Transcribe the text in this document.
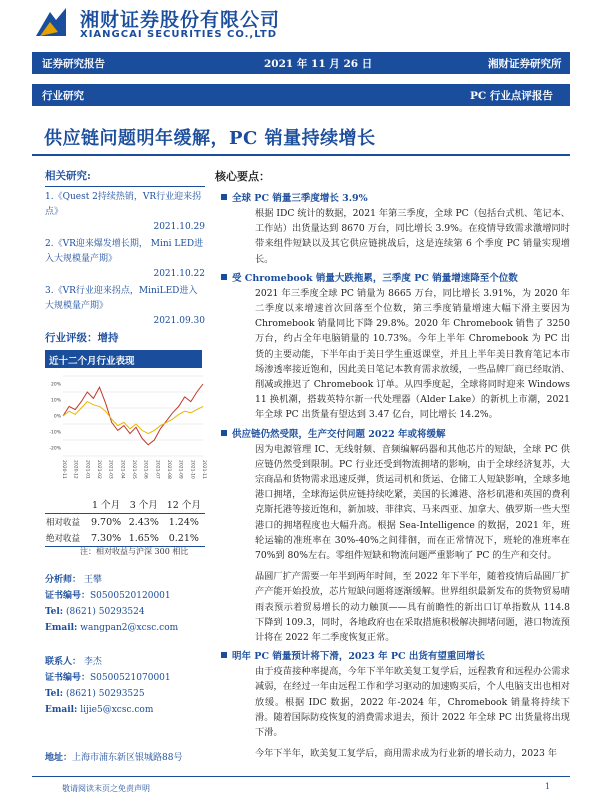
湘财证券股份有限公司
XIANGCAI SECURITIES CO.,LTD
证券研究报告	2021 年 11 月 26 日	湘财证券研究所
行业研究	PC 行业点评报告
供应链问题明年缓解，PC 销量持续增长
相关研究:
1.《Quest 2持续热销，VR行业迎来拐点》
2021.10.29
2.《VR迎来爆发增长期， Mini LED进入大规模量产期》
2021.10.22
3.《VR行业迎来拐点，MiniLED进入大规模量产期》
2021.09.30
行业评级：增持
近十二个月行业表现
2020-11 2020-12 2021-01 2021-02 2021-03 2021-04 2021-05 2021-06 2021-07 2021-08 2021-09 2021-10 2021-11
-20%
-10%
0%
10%
20%
	1 个月	3 个月	12 个月
相对收益	9.70%	2.43%	1.24%
绝对收益	7.30%	1.65%	0.21%
注：相对收益与沪深 300 相比
分析师： 王攀
证书编号：S0500520120001
Tel: (8621) 50293524
Email: wangpan2@xcsc.com
联系人： 李杰
证书编号：S0500521070001
Tel: (8621) 50293525
Email: lijie5@xcsc.com
地址：上海市浦东新区银城路88号
核心要点：
全球 PC 销量三季度增长 3.9%
根据 IDC 统计的数据，2021 年第三季度，全球 PC（包括台式机、笔记本、工作站）出货量达到 8670 万台，同比增长 3.9%。在疫情导致需求激增同时带来组件短缺以及其它供应链挑战后，这是连续第 6 个季度 PC 销量实现增长。
受 Chromebook 销量大跌拖累，三季度 PC 销量增速降至个位数
2021 年三季度全球 PC 销量为 8665 万台，同比增长 3.91%，为 2020 年二季度以来增速首次回落至个位数，第三季度销量增速大幅下滑主要因为 Chromebook 销量同比下降 29.8%。2020 年 Chromebook 销售了 3250 万台，约占全年电脑销量的 10.73%。今年上半年 Chromebook 为 PC 出货的主要动能，下半年由于美日学生重返课堂，并且上半年美日教育笔记本市场渗透率接近饱和，因此美日笔记本教育需求放缓，一些品牌厂商已经取消、削减或推迟了 Chromebook 订单。从四季度起，全球将同时迎来 Windows 11 换机潮，搭载英特尔新一代处理器（Alder Lake）的新机上市潮，2021 年全球 PC 出货量有望达到 3.47 亿台，同比增长 14.2%。
供应链仍然受限，生产交付问题 2022 年或将缓解
因为电源管理 IC、无线射频、音频编解码器和其他芯片的短缺，全球 PC 供应链仍然受到限制。PC 行业还受到物流拥堵的影响，由于全球经济复苏，大宗商品和货物需求迅速反弹，货运司机和货运、仓储工人短缺影响，全球多地港口拥堵，全球海运供应链持续吃紧，美国的长滩港、洛杉矶港和英国的费利克斯托港等接近饱和，新加坡、菲律宾、马来西亚、加拿大、俄罗斯一些大型港口的拥堵程度也大幅升高。根据 Sea-Intelligence 的数据，2021 年，班轮运输的准班率在 30%-40%之间徘徊，而在正常情况下，班轮的准班率在 70%到 80%左右。零组件短缺和物流问题严重影响了 PC 的生产和交付。
晶圆厂扩产需要一年半到两年时间，至 2022 年下半年，随着疫情后晶圆厂扩产产能开始投放，芯片短缺问题将逐渐缓解。世界组织最新发布的货物贸易晴雨表预示着贸易增长的动力触顶——具有前瞻性的新出口订单指数从 114.8 下降到 109.3，同时，各地政府也在采取措施积极解决拥堵问题，港口物流预计将在 2022 年二季度恢复正常。
明年 PC 销量预计将下滑，2023 年 PC 出货有望重回增长
由于疫苗接种率提高，今年下半年欧美复工复学后，远程教育和远程办公需求减弱，在经过一年由远程工作和学习驱动的加速购买后，个人电脑支出也相对放缓。根据 IDC 数据，2022 年-2024 年，Chromebook 销量将持续下滑。随着国际防疫恢复的消费需求退去，预计 2022 年全球 PC 出货量将出现下滑。
今年下半年，欧美复工复学后，商用需求成为行业新的增长动力，2023 年
敬请阅读末页之免责声明	1
